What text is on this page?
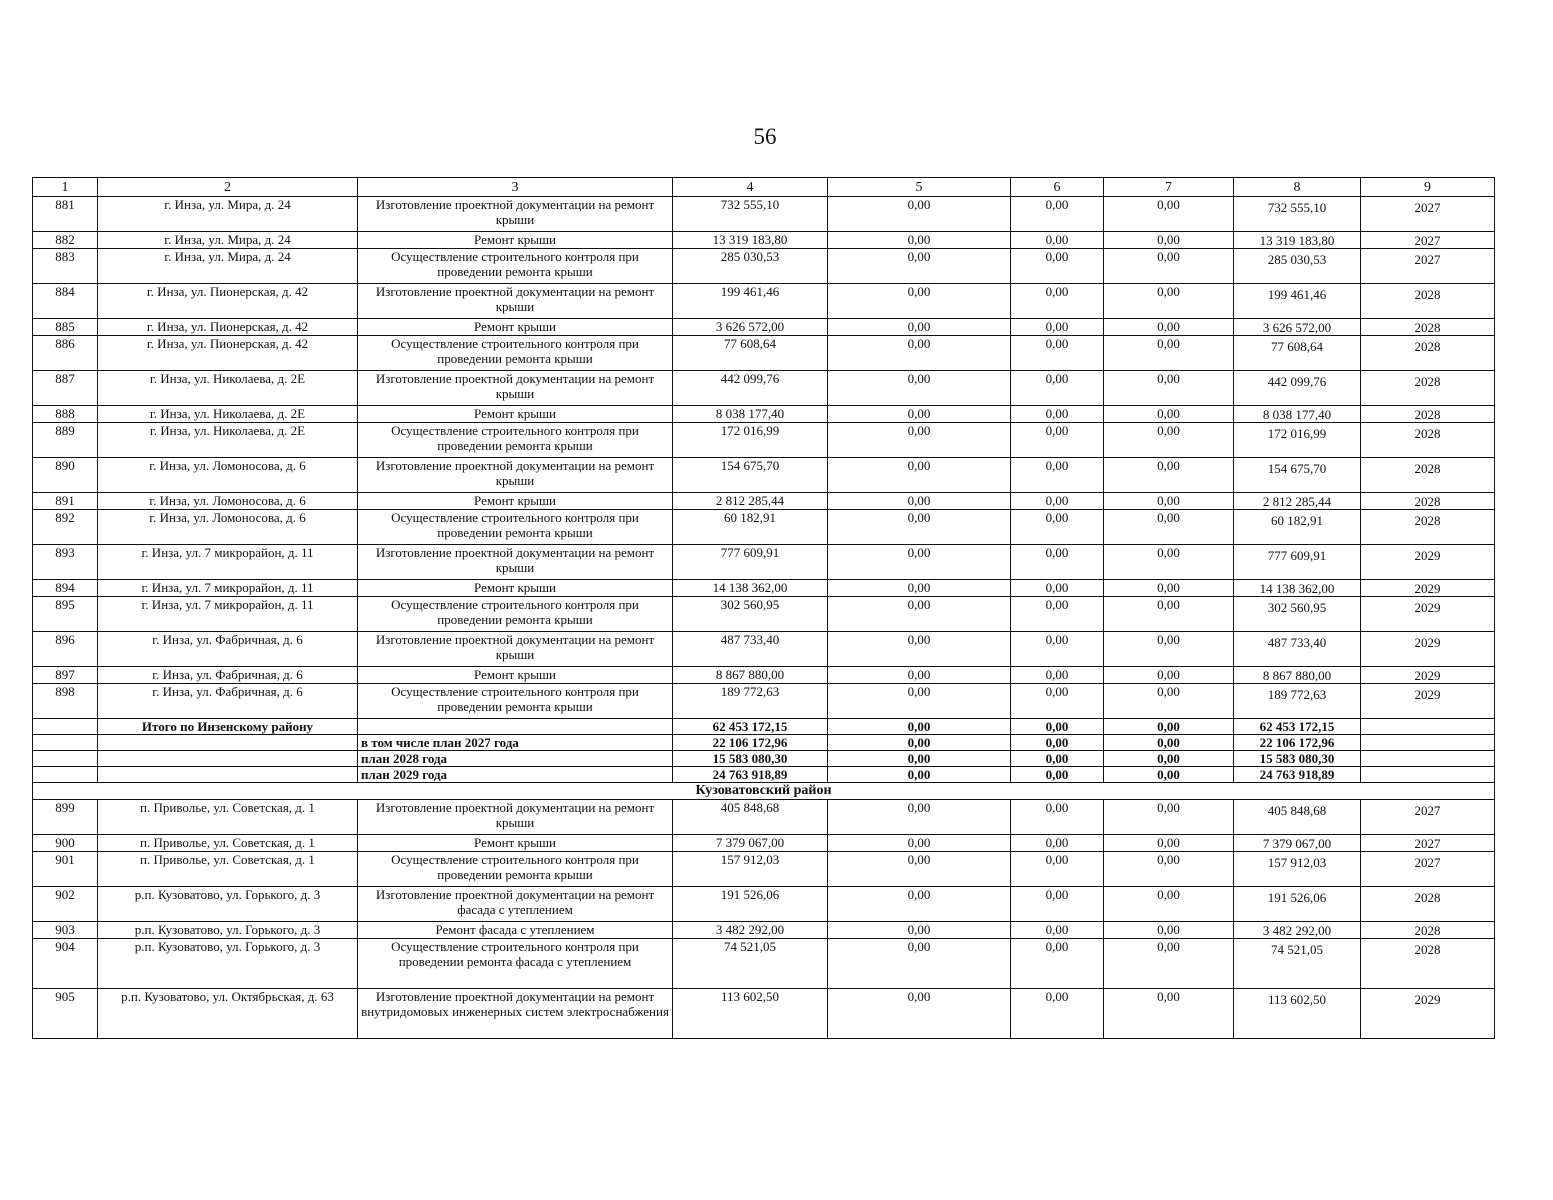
56
1	2	3	4	5	6	7	8	9
881	г. Инза, ул. Мира, д. 24	Изготовление проектной документации на ремонт крыши	732 555,10	0,00	0,00	0,00	732 555,10	2027
882	г. Инза, ул. Мира, д. 24	Ремонт крыши	13 319 183,80	0,00	0,00	0,00	13 319 183,80	2027
883	г. Инза, ул. Мира, д. 24	Осуществление строительного контроля при проведении ремонта крыши	285 030,53	0,00	0,00	0,00	285 030,53	2027
884	г. Инза, ул. Пионерская, д. 42	Изготовление проектной документации на ремонт крыши	199 461,46	0,00	0,00	0,00	199 461,46	2028
885	г. Инза, ул. Пионерская, д. 42	Ремонт крыши	3 626 572,00	0,00	0,00	0,00	3 626 572,00	2028
886	г. Инза, ул. Пионерская, д. 42	Осуществление строительного контроля при проведении ремонта крыши	77 608,64	0,00	0,00	0,00	77 608,64	2028
887	г. Инза, ул. Николаева, д. 2Е	Изготовление проектной документации на ремонт крыши	442 099,76	0,00	0,00	0,00	442 099,76	2028
888	г. Инза, ул. Николаева, д. 2Е	Ремонт крыши	8 038 177,40	0,00	0,00	0,00	8 038 177,40	2028
889	г. Инза, ул. Николаева, д. 2Е	Осуществление строительного контроля при проведении ремонта крыши	172 016,99	0,00	0,00	0,00	172 016,99	2028
890	г. Инза, ул. Ломоносова, д. 6	Изготовление проектной документации на ремонт крыши	154 675,70	0,00	0,00	0,00	154 675,70	2028
891	г. Инза, ул. Ломоносова, д. 6	Ремонт крыши	2 812 285,44	0,00	0,00	0,00	2 812 285,44	2028
892	г. Инза, ул. Ломоносова, д. 6	Осуществление строительного контроля при проведении ремонта крыши	60 182,91	0,00	0,00	0,00	60 182,91	2028
893	г. Инза, ул. 7 микрорайон, д. 11	Изготовление проектной документации на ремонт крыши	777 609,91	0,00	0,00	0,00	777 609,91	2029
894	г. Инза, ул. 7 микрорайон, д. 11	Ремонт крыши	14 138 362,00	0,00	0,00	0,00	14 138 362,00	2029
895	г. Инза, ул. 7 микрорайон, д. 11	Осуществление строительного контроля при проведении ремонта крыши	302 560,95	0,00	0,00	0,00	302 560,95	2029
896	г. Инза, ул. Фабричная, д. 6	Изготовление проектной документации на ремонт крыши	487 733,40	0,00	0,00	0,00	487 733,40	2029
897	г. Инза, ул. Фабричная, д. 6	Ремонт крыши	8 867 880,00	0,00	0,00	0,00	8 867 880,00	2029
898	г. Инза, ул. Фабричная, д. 6	Осуществление строительного контроля при проведении ремонта крыши	189 772,63	0,00	0,00	0,00	189 772,63	2029
	Итого по Инзенскому району		62 453 172,15	0,00	0,00	0,00	62 453 172,15	
		в том числе план 2027 года	22 106 172,96	0,00	0,00	0,00	22 106 172,96	
		план 2028 года	15 583 080,30	0,00	0,00	0,00	15 583 080,30	
		план 2029 года	24 763 918,89	0,00	0,00	0,00	24 763 918,89	
Кузоватовский район								
899	п. Приволье, ул. Советская, д. 1	Изготовление проектной документации на ремонт крыши	405 848,68	0,00	0,00	0,00	405 848,68	2027
900	п. Приволье, ул. Советская, д. 1	Ремонт крыши	7 379 067,00	0,00	0,00	0,00	7 379 067,00	2027
901	п. Приволье, ул. Советская, д. 1	Осуществление строительного контроля при проведении ремонта крыши	157 912,03	0,00	0,00	0,00	157 912,03	2027
902	р.п. Кузоватово, ул. Горького, д. 3	Изготовление проектной документации на ремонт фасада с утеплением	191 526,06	0,00	0,00	0,00	191 526,06	2028
903	р.п. Кузоватово, ул. Горького, д. 3	Ремонт фасада с утеплением	3 482 292,00	0,00	0,00	0,00	3 482 292,00	2028
904	р.п. Кузоватово, ул. Горького, д. 3	Осуществление строительного контроля при проведении ремонта фасада с утеплением	74 521,05	0,00	0,00	0,00	74 521,05	2028
905	р.п. Кузоватово, ул. Октябрьская, д. 63	Изготовление проектной документации на ремонт внутридомовых инженерных систем электроснабжения	113 602,50	0,00	0,00	0,00	113 602,50	2029
